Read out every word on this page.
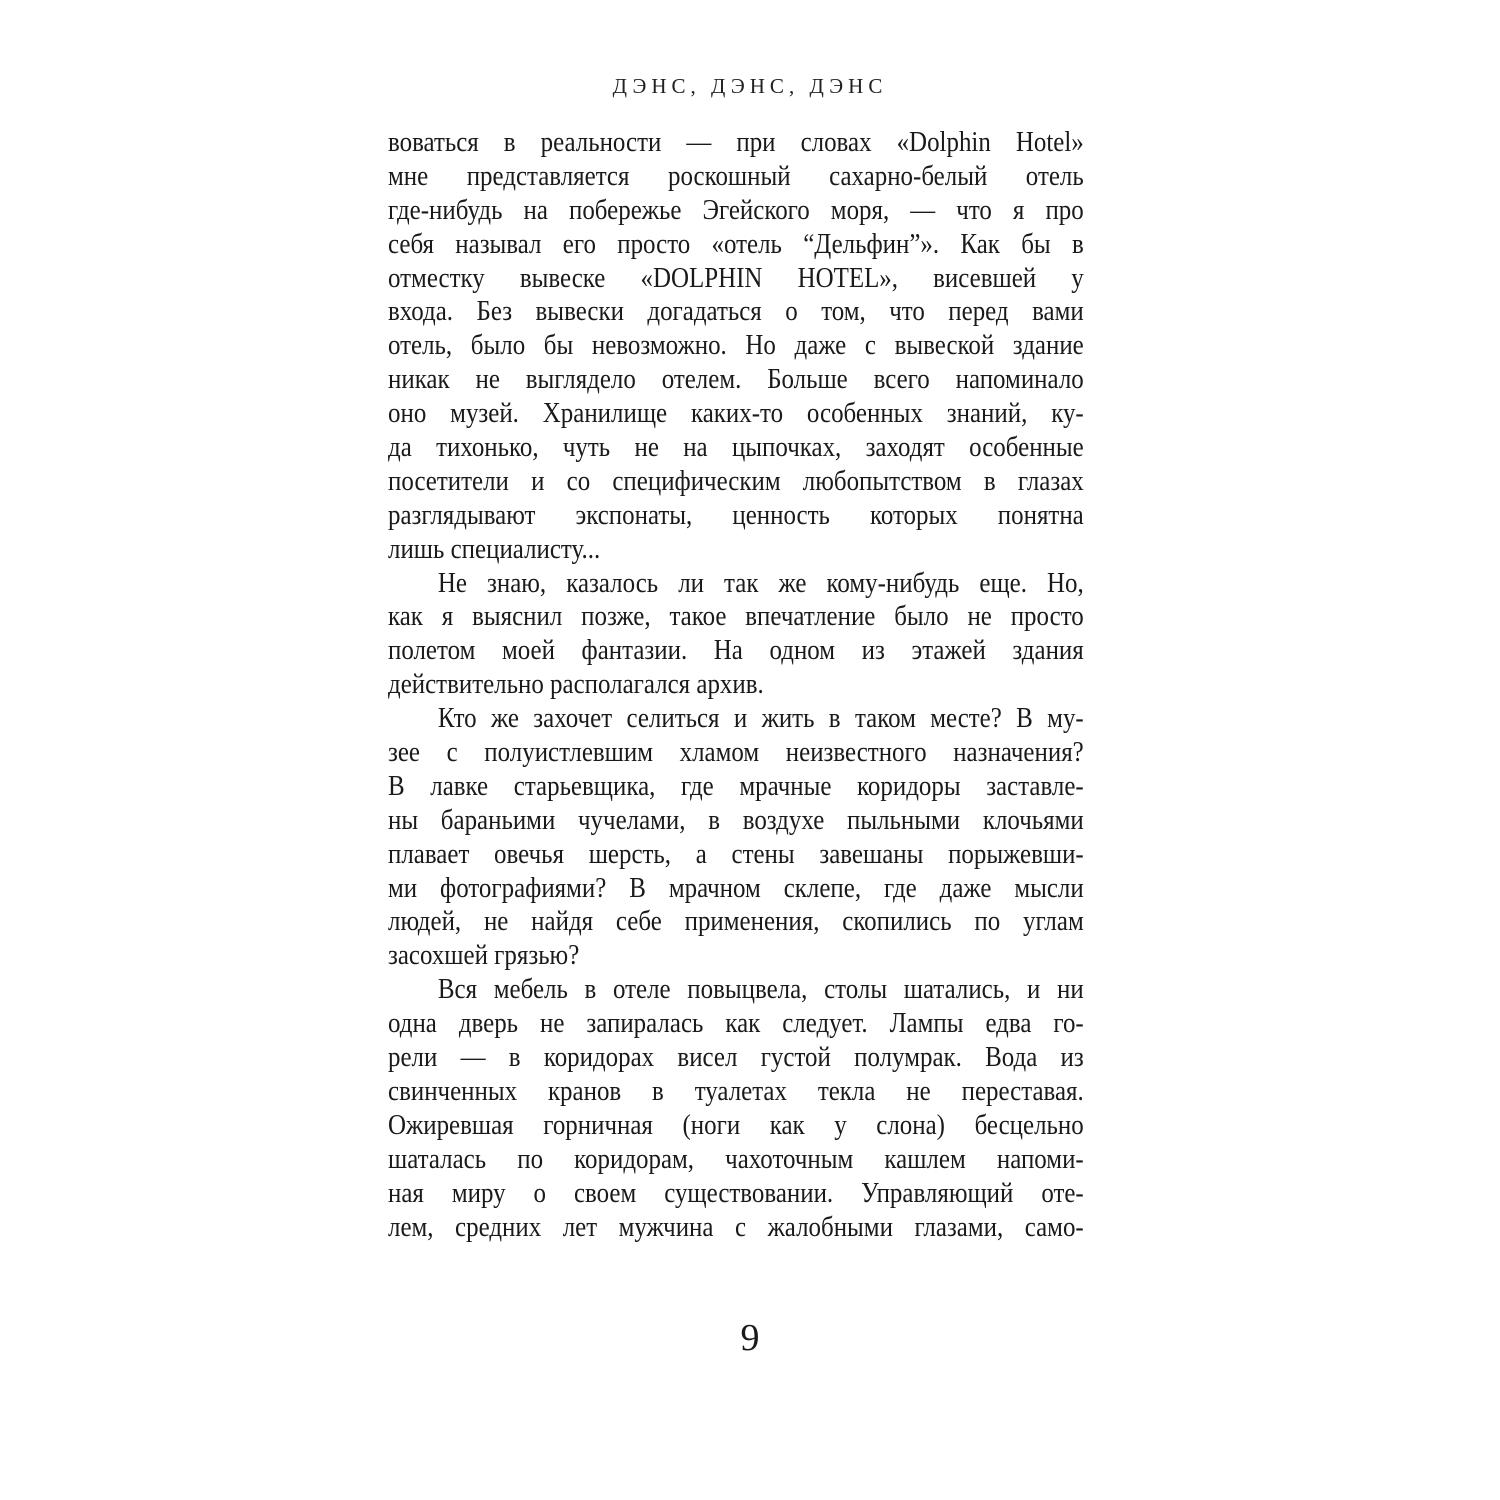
ДЭНС, ДЭНС, ДЭНС
воваться в реальности — при словах «Dolphin Hotel»
мне представляется роскошный сахарно-белый отель
где-нибудь на побережье Эгейского моря, — что я про
себя называл его просто «отель “Дельфин”». Как бы в
отместку вывеске «DOLPHIN HOTEL», висевшей у
входа. Без вывески догадаться о том, что перед вами
отель, было бы невозможно. Но даже с вывеской здание
никак не выглядело отелем. Больше всего напоминало
оно музей. Хранилище каких-то особенных знаний, ку-
да тихонько, чуть не на цыпочках, заходят особенные
посетители и со специфическим любопытством в глазах
разглядывают экспонаты, ценность которых понятна
лишь специалисту...
Не знаю, казалось ли так же кому-нибудь еще. Но,
как я выяснил позже, такое впечатление было не просто
полетом моей фантазии. На одном из этажей здания
действительно располагался архив.
Кто же захочет селиться и жить в таком месте? В му-
зее с полуистлевшим хламом неизвестного назначения?
В лавке старьевщика, где мрачные коридоры заставле-
ны бараньими чучелами, в воздухе пыльными клочьями
плавает овечья шерсть, а стены завешаны порыжевши-
ми фотографиями? В мрачном склепе, где даже мысли
людей, не найдя себе применения, скопились по углам
засохшей грязью?
Вся мебель в отеле повыцвела, столы шатались, и ни
одна дверь не запиралась как следует. Лампы едва го-
рели — в коридорах висел густой полумрак. Вода из
свинченных кранов в туалетах текла не переставая.
Ожиревшая горничная (ноги как у слона) бесцельно
шаталась по коридорам, чахоточным кашлем напоми-
ная миру о своем существовании. Управляющий оте-
лем, средних лет мужчина с жалобными глазами, само-
9
